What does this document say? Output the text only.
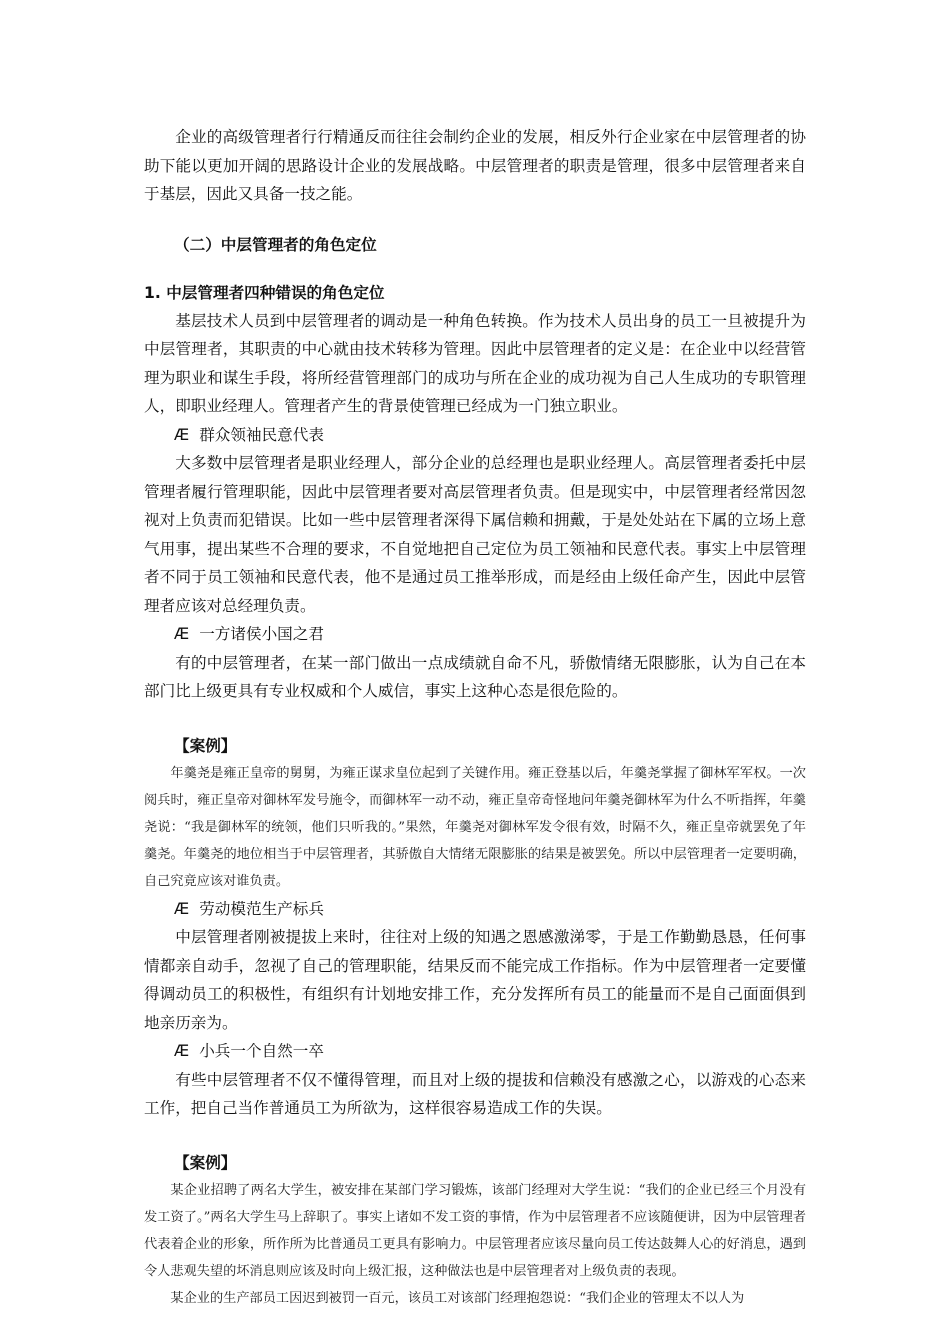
企业的高级管理者行行精通反而往往会制约企业的发展，相反外行企业家在中层管理者的协助下能以更加开阔的思路设计企业的发展战略。中层管理者的职责是管理，很多中层管理者来自于基层，因此又具备一技之能。

（二）中层管理者的角色定位

1. 中层管理者四种错误的角色定位

基层技术人员到中层管理者的调动是一种角色转换。作为技术人员出身的员工一旦被提升为中层管理者，其职责的中心就由技术转移为管理。因此中层管理者的定义是：在企业中以经营管理为职业和谋生手段，将所经营管理部门的成功与所在企业的成功视为自己人生成功的专职管理人，即职业经理人。管理者产生的背景使管理已经成为一门独立职业。

Æ 群众领袖民意代表

大多数中层管理者是职业经理人，部分企业的总经理也是职业经理人。高层管理者委托中层管理者履行管理职能，因此中层管理者要对高层管理者负责。但是现实中，中层管理者经常因忽视对上负责而犯错误。比如一些中层管理者深得下属信赖和拥戴，于是处处站在下属的立场上意气用事，提出某些不合理的要求，不自觉地把自己定位为员工领袖和民意代表。事实上中层管理者不同于员工领袖和民意代表，他不是通过员工推举形成，而是经由上级任命产生，因此中层管理者应该对总经理负责。

Æ 一方诸侯小国之君

有的中层管理者，在某一部门做出一点成绩就自命不凡，骄傲情绪无限膨胀，认为自己在本部门比上级更具有专业权威和个人威信，事实上这种心态是很危险的。

【案例】

年羹尧是雍正皇帝的舅舅，为雍正谋求皇位起到了关键作用。雍正登基以后，年羹尧掌握了御林军军权。一次阅兵时，雍正皇帝对御林军发号施令，而御林军一动不动，雍正皇帝奇怪地问年羹尧御林军为什么不听指挥，年羹尧说：“我是御林军的统领，他们只听我的。”果然，年羹尧对御林军发令很有效，时隔不久，雍正皇帝就罢免了年羹尧。年羹尧的地位相当于中层管理者，其骄傲自大情绪无限膨胀的结果是被罢免。所以中层管理者一定要明确，自己究竟应该对谁负责。

Æ 劳动模范生产标兵

中层管理者刚被提拔上来时，往往对上级的知遇之恩感激涕零，于是工作勤勤恳恳，任何事情都亲自动手，忽视了自己的管理职能，结果反而不能完成工作指标。作为中层管理者一定要懂得调动员工的积极性，有组织有计划地安排工作，充分发挥所有员工的能量而不是自己面面俱到地亲历亲为。

Æ 小兵一个自然一卒

有些中层管理者不仅不懂得管理，而且对上级的提拔和信赖没有感激之心，以游戏的心态来工作，把自己当作普通员工为所欲为，这样很容易造成工作的失误。

【案例】

某企业招聘了两名大学生，被安排在某部门学习锻炼，该部门经理对大学生说：“我们的企业已经三个月没有发工资了。”两名大学生马上辞职了。事实上诸如不发工资的事情，作为中层管理者不应该随便讲，因为中层管理者代表着企业的形象，所作所为比普通员工更具有影响力。中层管理者应该尽量向员工传达鼓舞人心的好消息，遇到令人悲观失望的坏消息则应该及时向上级汇报，这种做法也是中层管理者对上级负责的表现。

某企业的生产部员工因迟到被罚一百元，该员工对该部门经理抱怨说：“我们企业的管理太不以人为
